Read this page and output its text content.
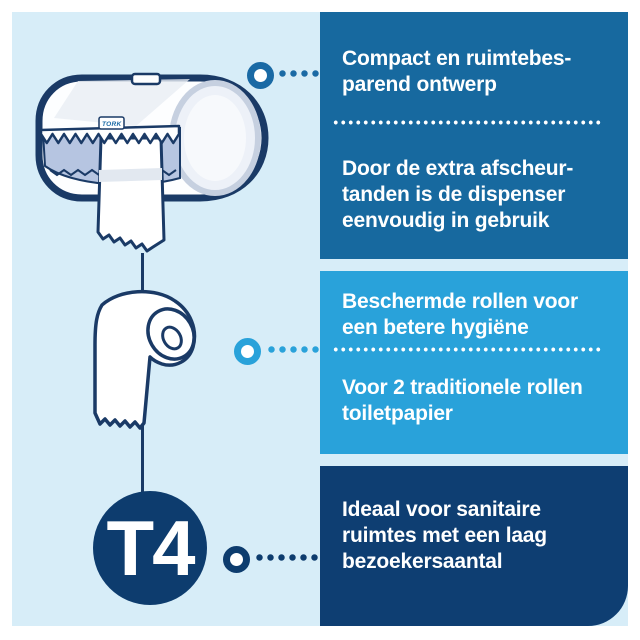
TORK
T4
Compact en ruimtebes-
parend ontwerp
Door de extra afscheur-
tanden is de dispenser
eenvoudig in gebruik
Beschermde rollen voor
een betere hygiëne
Voor 2 traditionele rollen
toiletpapier
Ideaal voor sanitaire
ruimtes met een laag
bezoekersaantal
